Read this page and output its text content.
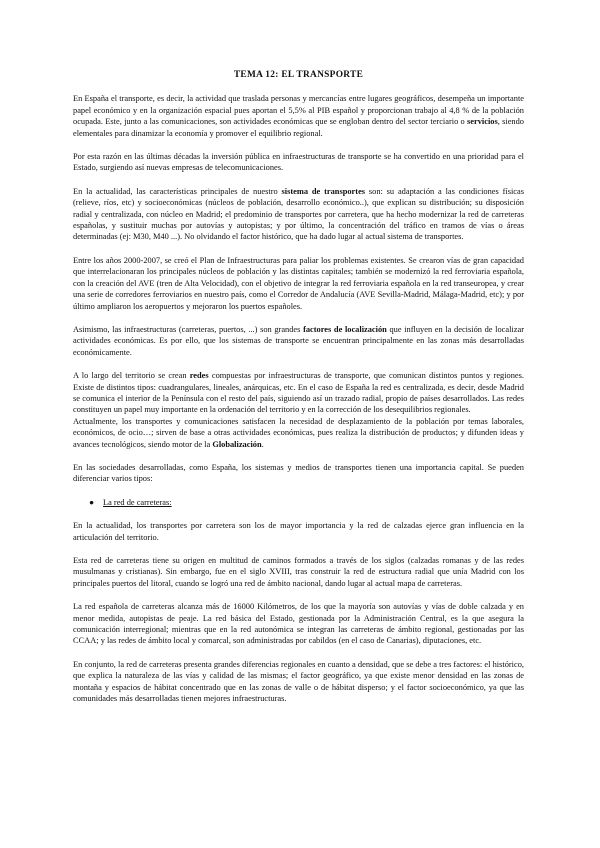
TEMA 12: EL TRANSPORTE

En España el transporte, es decir, la actividad que traslada personas y mercancías entre lugares geográficos, desempeña un importante papel económico y en la organización espacial pues aportan el 5,5% al PIB español y proporcionan trabajo al 4,8 % de la población ocupada. Este, junto a las comunicaciones, son actividades económicas que se engloban dentro del sector terciario o servicios, siendo elementales para dinamizar la economía y promover el equilibrio regional.

Por esta razón en las últimas décadas la inversión pública en infraestructuras de transporte se ha convertido en una prioridad para el Estado, surgiendo así nuevas empresas de telecomunicaciones.

En la actualidad, las características principales de nuestro sistema de transportes son: su adaptación a las condiciones físicas (relieve, ríos, etc) y socioeconómicas (núcleos de población, desarrollo económico..), que explican su distribución; su disposición radial y centralizada, con núcleo en Madrid; el predominio de transportes por carretera, que ha hecho modernizar la red de carreteras españolas, y sustituir muchas por autovías y autopistas; y por último, la concentración del tráfico en tramos de vías o áreas determinadas (ej: M30, M40 ...). No olvidando el factor histórico, que ha dado lugar al actual sistema de transportes.

Entre los años 2000-2007, se creó el Plan de Infraestructuras para paliar los problemas existentes. Se crearon vías de gran capacidad que interrelacionaran los principales núcleos de población y las distintas capitales; también se modernizó la red ferroviaria española, con la creación del AVE (tren de Alta Velocidad), con el objetivo de integrar la red ferroviaria española en la red transeuropea, y crear una serie de corredores ferroviarios en nuestro país, como el Corredor de Andalucía (AVE Sevilla-Madrid, Málaga-Madrid, etc); y por último ampliaron los aeropuertos y mejoraron los puertos españoles.

Asimismo, las infraestructuras (carreteras, puertos, ...) son grandes factores de localización que influyen en la decisión de localizar actividades económicas. Es por ello, que los sistemas de transporte se encuentran principalmente en las zonas más desarrolladas económicamente.

A lo largo del territorio se crean redes compuestas por infraestructuras de transporte, que comunican distintos puntos y regiones. Existe de distintos tipos: cuadrangulares, lineales, anárquicas, etc. En el caso de España la red es centralizada, es decir, desde Madrid se comunica el interior de la Península con el resto del país, siguiendo así un trazado radial, propio de países desarrollados. Las redes constituyen un papel muy importante en la ordenación del territorio y en la corrección de los desequilibrios regionales.

Actualmente, los transportes y comunicaciones satisfacen la necesidad de desplazamiento de la población por temas laborales, económicos, de ocio…; sirven de base a otras actividades económicas, pues realiza la distribución de productos; y difunden ideas y avances tecnológicos, siendo motor de la Globalización.

En las sociedades desarrolladas, como España, los sistemas y medios de transportes tienen una importancia capital. Se pueden diferenciar varios tipos:

●	La red de carreteras:

En la actualidad, los transportes por carretera son los de mayor importancia y la red de calzadas ejerce gran influencia en la articulación del territorio.

Esta red de carreteras tiene su origen en multitud de caminos formados a través de los siglos (calzadas romanas y de las redes musulmanas y cristianas). Sin embargo, fue en el siglo XVIII, tras construir la red de estructura radial que unía Madrid con los principales puertos del litoral, cuando se logró una red de ámbito nacional, dando lugar al actual mapa de carreteras.

La red española de carreteras alcanza más de 16000 Kilómetros, de los que la mayoría son autovías y vías de doble calzada y en menor medida, autopistas de peaje. La red básica del Estado, gestionada por la Administración Central, es la que asegura la comunicación interregional; mientras que en la red autonómica se integran las carreteras de ámbito regional, gestionadas por las CCAA; y las redes de ámbito local y comarcal, son administradas por cabildos (en el caso de Canarias), diputaciones, etc.

En conjunto, la red de carreteras presenta grandes diferencias regionales en cuanto a densidad, que se debe a tres factores: el histórico, que explica la naturaleza de las vías y calidad de las mismas; el factor geográfico, ya que existe menor densidad en las zonas de montaña y espacios de hábitat concentrado que en las zonas de valle o de hábitat disperso; y el factor socioeconómico, ya que las comunidades más desarrolladas tienen mejores infraestructuras.
